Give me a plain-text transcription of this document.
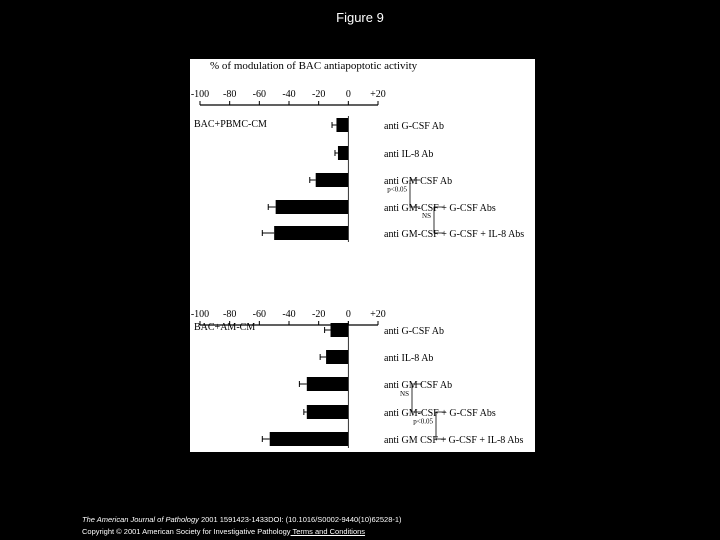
Figure 9
% of modulation of BAC antiapoptotic activity
-100 -80 -60 -40 -20 0 +20
BAC+PBMC-CM	anti G-CSF Ab
anti IL-8 Ab
anti GM CSF Ab
anti GM-CSF + G-CSF Abs
anti GM-CSF + G-CSF + IL-8 Abs
p<0.05
NS
-100 -80 -60 -40 -20 0 +20
BAC+AM-CM	anti G-CSF Ab
anti IL-8 Ab
anti GM CSF Ab
anti GM-CSF + G-CSF Abs
anti GM CSF + G-CSF + IL-8 Abs
NS
p<0.05
The American Journal of Pathology 2001 1591423-1433DOI: (10.1016/S0002-9440(10)62528-1)
Copyright © 2001 American Society for Investigative Pathology Terms and Conditions
